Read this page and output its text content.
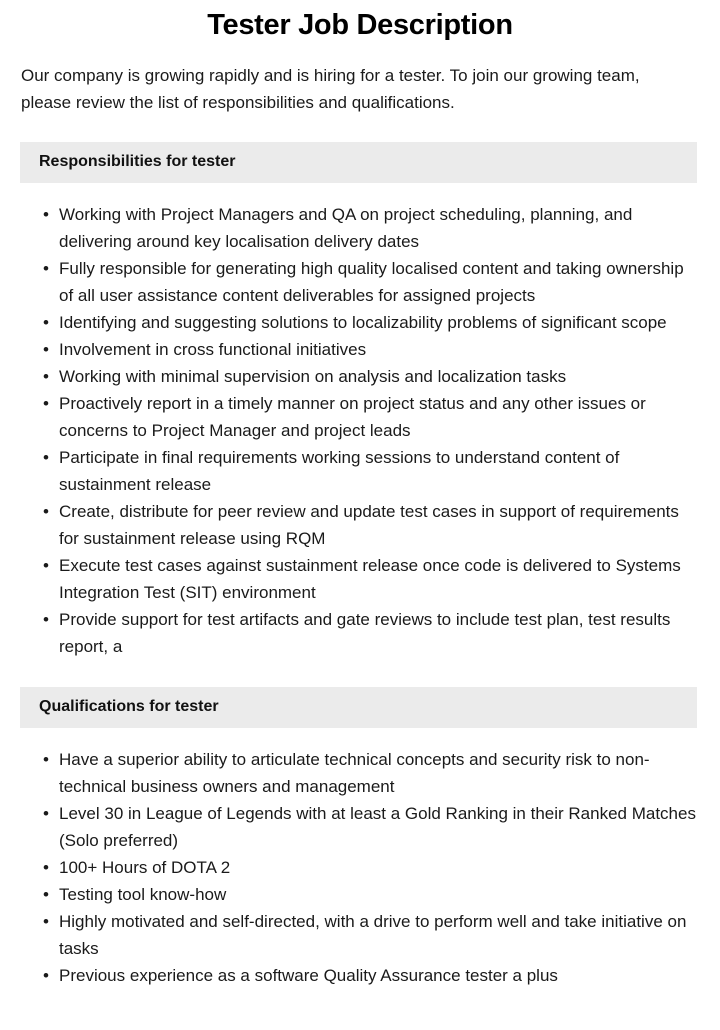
Tester Job Description

Our company is growing rapidly and is hiring for a tester. To join our growing team, please review the list of responsibilities and qualifications.

Responsibilities for tester
• Working with Project Managers and QA on project scheduling, planning, and delivering around key localisation delivery dates
• Fully responsible for generating high quality localised content and taking ownership of all user assistance content deliverables for assigned projects
• Identifying and suggesting solutions to localizability problems of significant scope
• Involvement in cross functional initiatives
• Working with minimal supervision on analysis and localization tasks
• Proactively report in a timely manner on project status and any other issues or concerns to Project Manager and project leads
• Participate in final requirements working sessions to understand content of sustainment release
• Create, distribute for peer review and update test cases in support of requirements for sustainment release using RQM
• Execute test cases against sustainment release once code is delivered to Systems Integration Test (SIT) environment
• Provide support for test artifacts and gate reviews to include test plan, test results report, a
Qualifications for tester
• Have a superior ability to articulate technical concepts and security risk to non-technical business owners and management
• Level 30 in League of Legends with at least a Gold Ranking in their Ranked Matches (Solo preferred)
• 100+ Hours of DOTA 2
• Testing tool know-how
• Highly motivated and self-directed, with a drive to perform well and take initiative on tasks
• Previous experience as a software Quality Assurance tester a plus
